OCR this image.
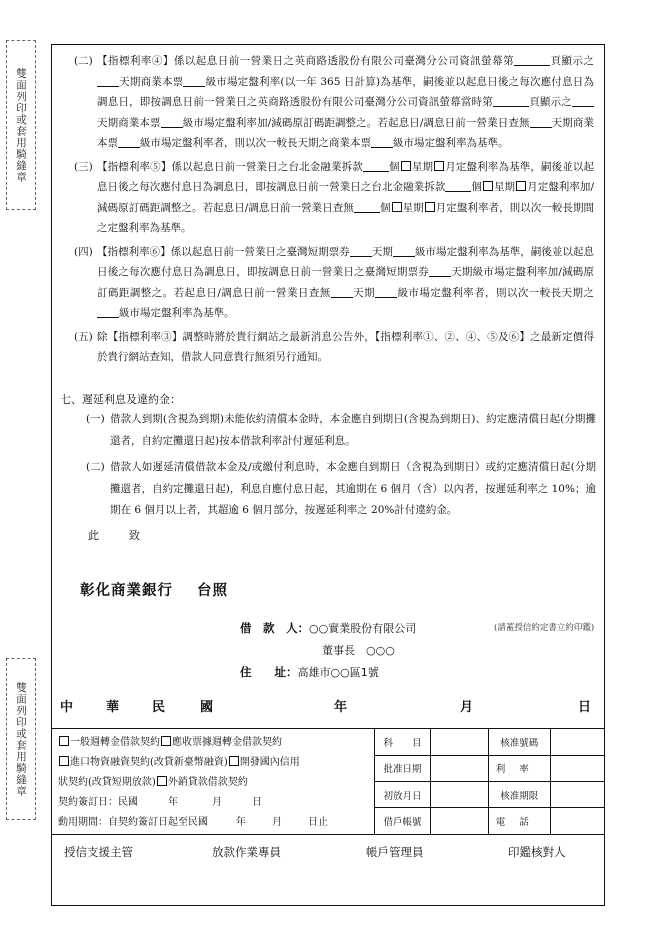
雙面列印或套用騎縫章
雙面列印或套用騎縫章
(二) 【指標利率④】係以起息日前一營業日之英商路透股份有限公司臺灣分公司資訊螢幕第	頁顯示之天期商業本票 級市場定盤利率(以一年 365 日計算)為基準，嗣後並以起息日後之每次應付息日為調息日，即按調息日前一營業日之英商路透股份有限公司臺灣分公司資訊螢幕當時第	頁顯示之天期商業本票 級市場定盤利率加/減碼原訂碼距調整之。若起息日/調息日前一營業日查無 天期商業本票 級市場定盤利率者，則以次一較長天期之商業本票 級市場定盤利率為基準。
(三) 【指標利率⑤】係以起息日前一營業日之台北金融業拆款 個 星期 月定盤利率為基準，嗣後並以起息日後之每次應付息日為調息日，即按調息日前一營業日之台北金融業拆款 個 星期 月定盤利率加/減碼原訂碼距調整之。若起息日/調息日前一營業日查無 個 星期 月定盤利率者，則以次一較長期間之定盤利率為基準。
(四) 【指標利率⑥】係以起息日前一營業日之臺灣短期票券 天期 級市場定盤利率為基準，嗣後並以起息日後之每次應付息日為調息日，即按調息日前一營業日之臺灣短期票券 天期級市場定盤利率加/減碼原訂碼距調整之。若起息日/調息日前一營業日查無 天期 級市場定盤利率者，則以次一較長天期之級市場定盤利率為基準。
(五) 除【指標利率③】調整時將於貴行網站之最新消息公告外，【指標利率①、②、④、⑤及⑥】之最新定價得於貴行網站查知，借款人同意貴行無須另行通知。
七、遲延利息及違約金：
(一) 借款人到期(含視為到期)未能依約清償本金時，本金應自到期日(含視為到期日)、約定應清償日起(分期攤還者，自約定攤還日起)按本借款利率計付遲延利息。
(二) 借款人如遲延清償借款本金及/或繳付利息時，本金應自到期日（含視為到期日）或約定應清償日起(分期攤還者，自約定攤還日起)，利息自應付息日起，其逾期在 6 個月（含）以內者，按遲延利率之 10%；逾期在 6 個月以上者，其超逾 6 個月部分，按遲延利率之 20%計付違約金。
此	致
彰化商業銀行 台照
借　款　人：○○實業股份有限公司	(請蓋授信約定書立約印鑑)
董事長　○○○
住　　址：高雄市○○區1號
中	華	民	國	年	月	日
一般週轉金借款契約 應收票據週轉金借款契約
進口物資融資契約(改貸新臺幣融資) 開發國內信用
狀契約(改貸短期放款) 外銷貸款借款契約
契約簽訂日：民國	年	月	日
動用期間：自契約簽訂日起至民國	年	月	日止
科　　目		核准號碼	
批准日期		利率	
初放月日		核准期限	
借戶帳號		電話	
授信支援主管	放款作業專員	帳戶管理員	印鑑核對人
